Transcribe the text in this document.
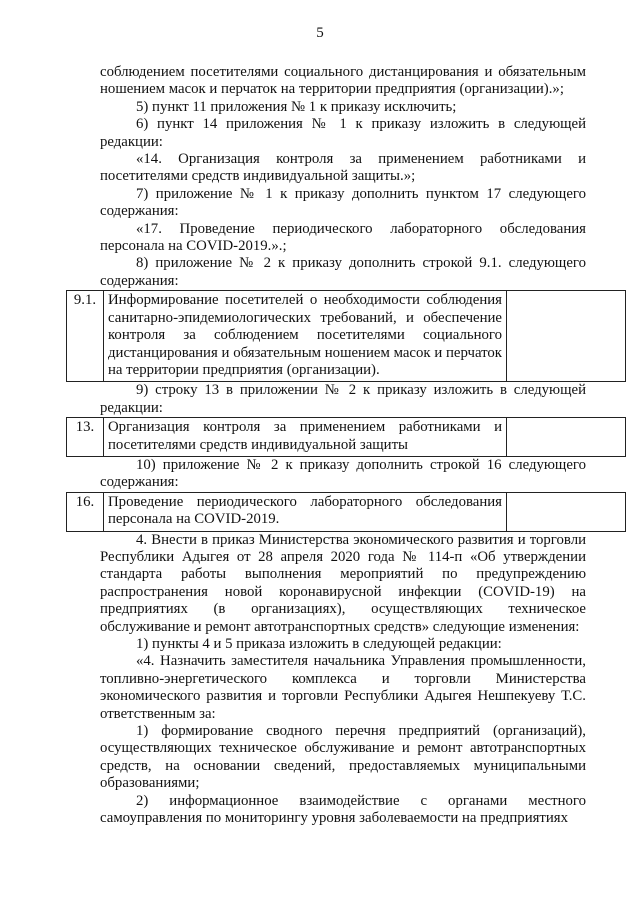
5

соблюдением посетителями социального дистанцирования и обязательным ношением масок и перчаток на территории предприятия (организации).»;

5) пункт 11 приложения № 1 к приказу исключить;

6) пункт 14 приложения № 1 к приказу изложить в следующей редакции:

«14. Организация контроля за применением работниками и посетителями средств индивидуальной защиты.»;

7) приложение № 1 к приказу дополнить пунктом 17 следующего содержания:

«17. Проведение периодического лабораторного обследования персонала на COVID-2019.».;

8) приложение № 2 к приказу дополнить строкой 9.1. следующего содержания:

9.1.	Информирование посетителей о необходимости соблюдения санитарно-эпидемиологических требований, и обеспечение контроля за соблюдением посетителями социального дистанцирования и обязательным ношением масок и перчаток на территории предприятия (организации).	

9) строку 13 в приложении № 2 к приказу изложить в следующей редакции:

13.	Организация контроля за применением работниками и посетителями средств индивидуальной защиты	

10) приложение № 2 к приказу дополнить строкой 16 следующего содержания:

16.	Проведение периодического лабораторного обследования персонала на COVID-2019.	

4. Внести в приказ Министерства экономического развития и торговли Республики Адыгея от 28 апреля 2020 года № 114-п «Об утверждении стандарта работы выполнения мероприятий по предупреждению распространения новой коронавирусной инфекции (COVID-19) на предприятиях (в организациях), осуществляющих техническое обслуживание и ремонт автотранспортных средств» следующие изменения:

1) пункты 4 и 5 приказа изложить в следующей редакции:

«4. Назначить заместителя начальника Управления промышленности, топливно-энергетического комплекса и торговли Министерства экономического развития и торговли Республики Адыгея Нешпекуеву Т.С. ответственным за:

1) формирование сводного перечня предприятий (организаций), осуществляющих техническое обслуживание и ремонт автотранспортных средств, на основании сведений, предоставляемых муниципальными образованиями;

2) информационное взаимодействие с органами местного самоуправления по мониторингу уровня заболеваемости на предприятиях
